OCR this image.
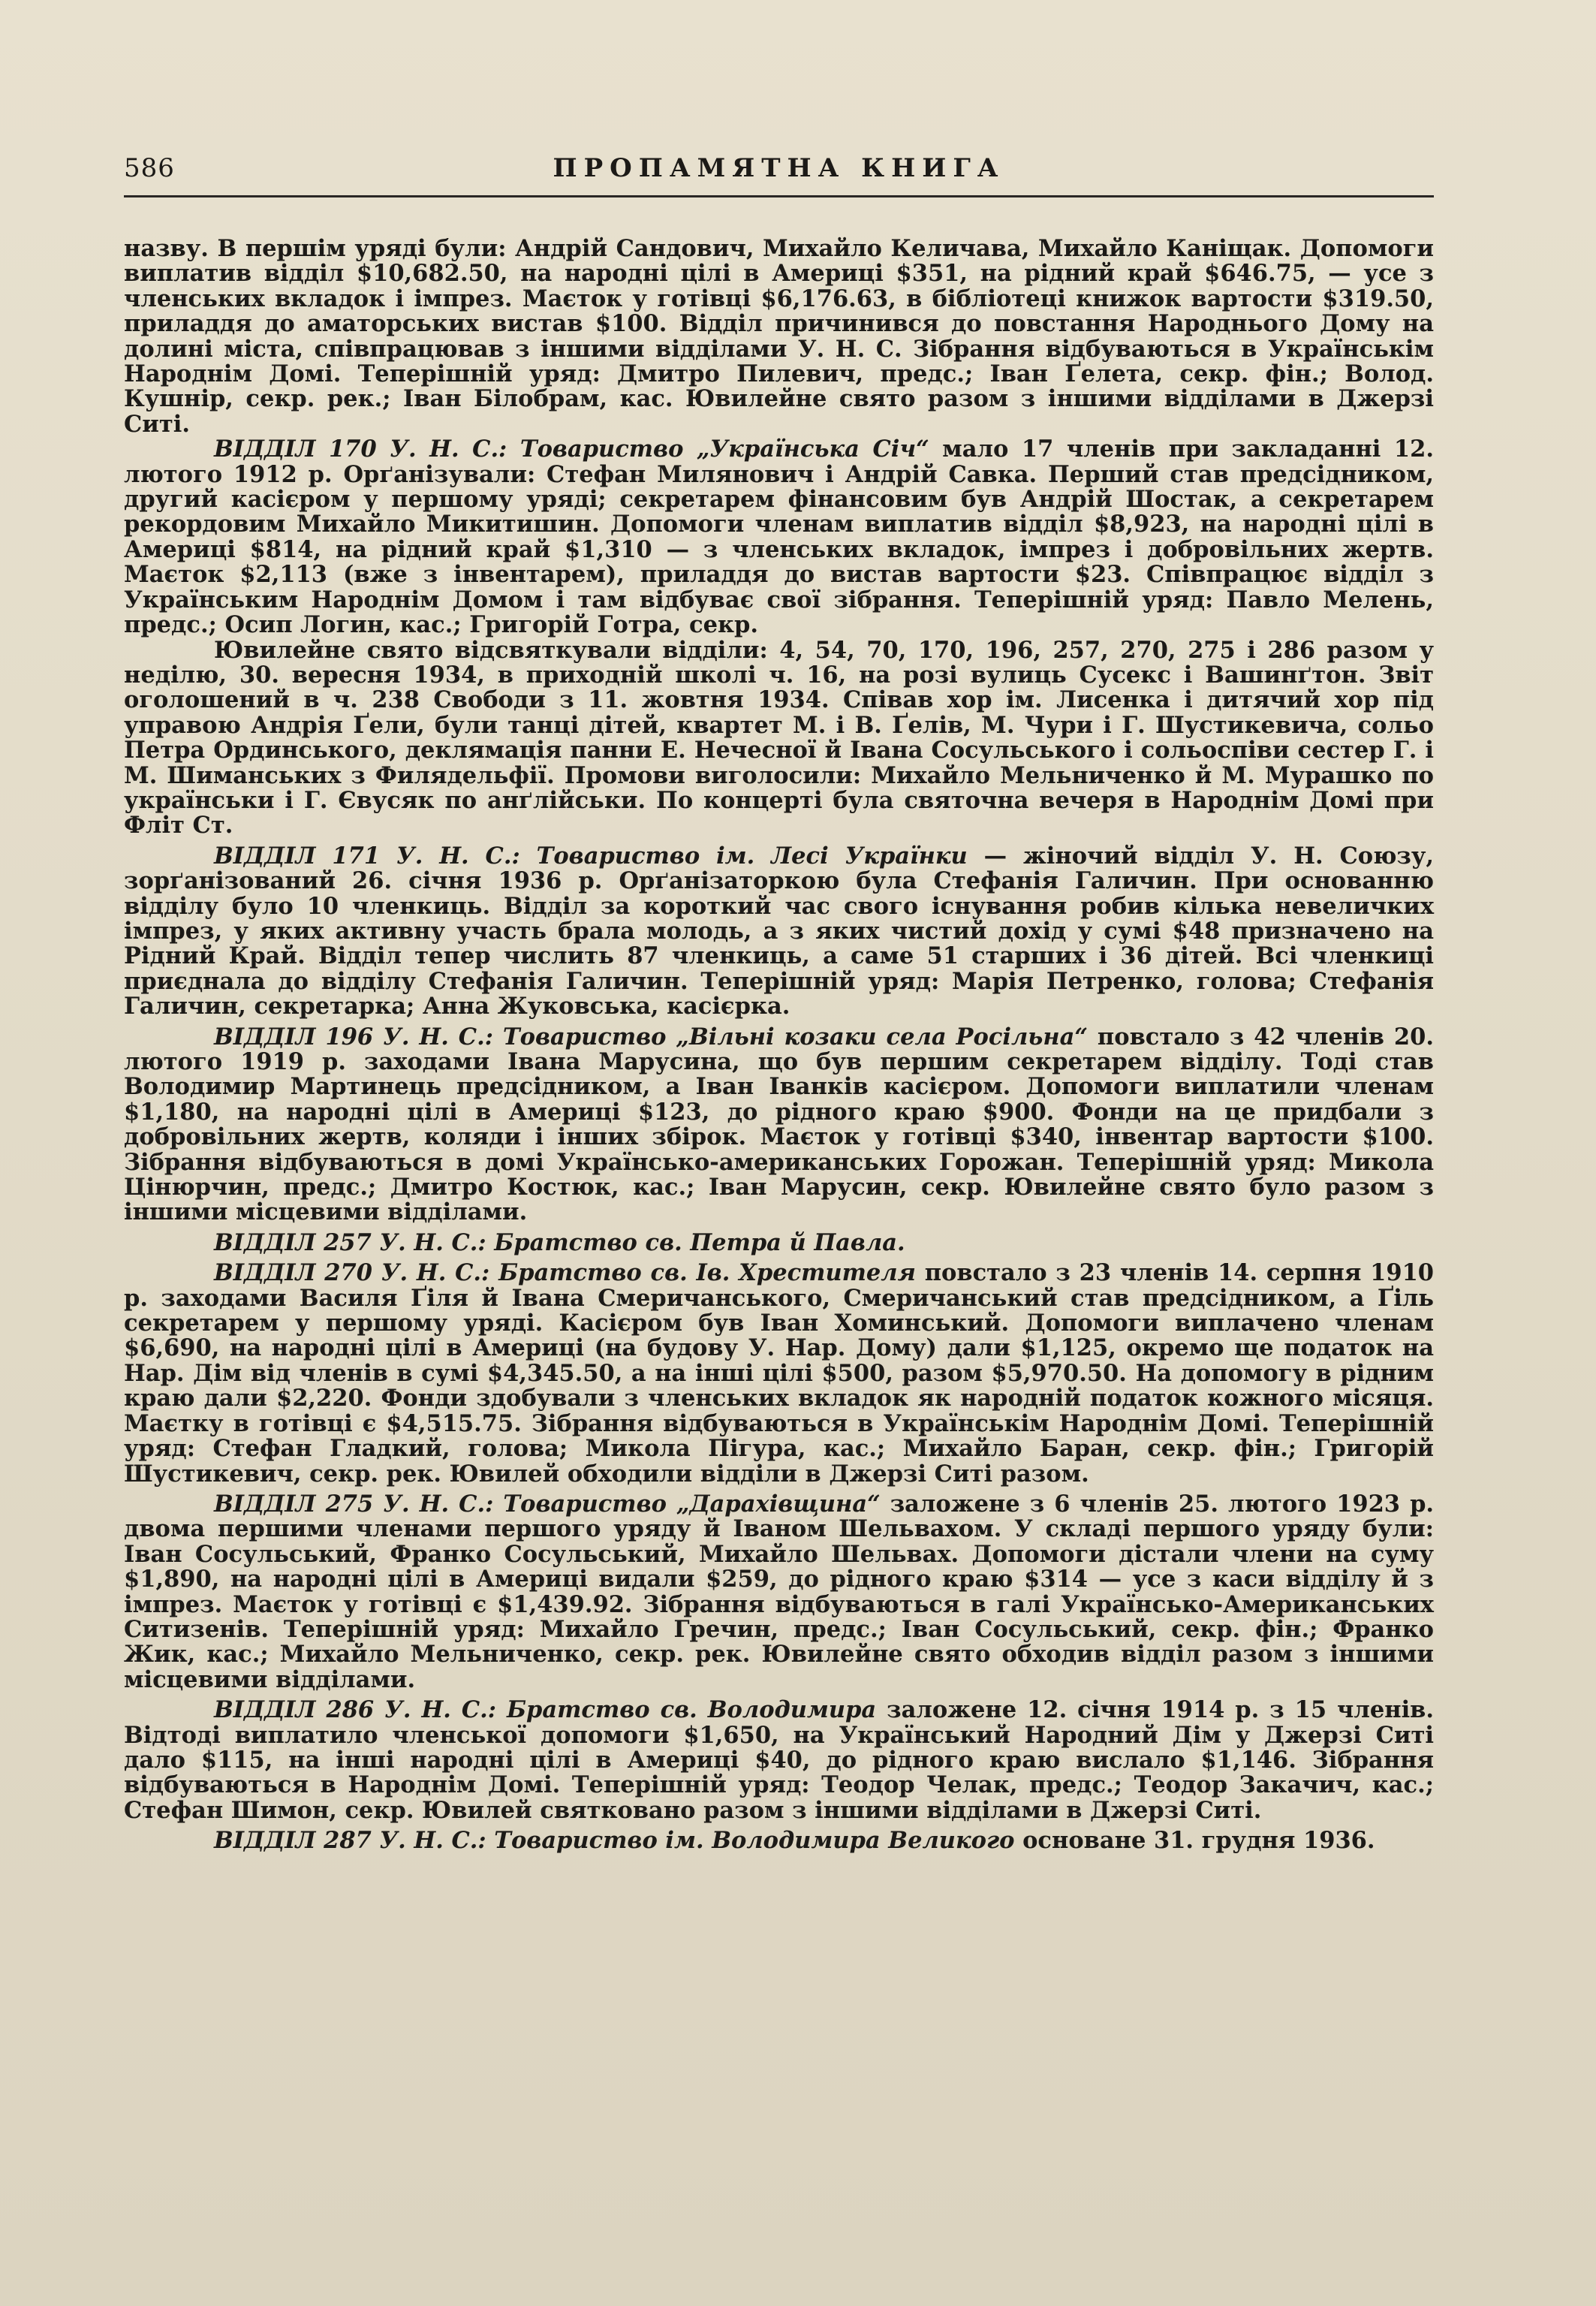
586	ПРОПАМЯТНА КНИГА

назву. В першім уряді були: Андрій Сандович, Михайло Келичава, Михайло Каніщак. Допомоги виплатив відділ $10,682.50, на народні цілі в Америці $351, на рідний край $646.75, — усе з членських вкладок і імпрез. Маєток у готівці $6,176.63, в бібліотеці книжок вартости $319.50, приладдя до аматорських вистав $100. Відділ причинився до повстання Народнього Дому на долині міста, співпрацював з іншими відділами У. Н. С. Зібрання відбуваються в Українськім Народнім Домі. Теперішній уряд: Дмитро Пилевич, предс.; Іван Ґелета, секр. фін.; Волод. Кушнір, секр. рек.; Іван Білобрам, кас. Ювилейне свято разом з іншими відділами в Джерзі Ситі.

ВІДДІЛ 170 У. Н. С.: Товариство „Українська Січ“ мало 17 членів при закладанні 12. лютого 1912 р. Орґанізували: Стефан Милянович і Андрій Савка. Перший став предсідником, другий касієром у першому уряді; секретарем фінансовим був Андрій Шостак, а секретарем рекордовим Михайло Микитишин. Допомоги членам виплатив відділ $8,923, на народні цілі в Америці $814, на рідний край $1,310 — з членських вкладок, імпрез і добровільних жертв. Маєток $2,113 (вже з інвентарем), приладдя до вистав вартости $23. Співпрацює відділ з Українським Народнім Домом і там відбуває свої зібрання. Теперішній уряд: Павло Мелень, предс.; Осип Логин, кас.; Григорій Готра, секр.

Ювилейне свято відсвяткували відділи: 4, 54, 70, 170, 196, 257, 270, 275 і 286 разом у неділю, 30. вересня 1934, в приходній школі ч. 16, на розі вулиць Сусекс і Вашинґтон. Звіт оголошений в ч. 238 Свободи з 11. жовтня 1934. Співав хор ім. Лисенка і дитячий хор під управою Андрія Ґели, були танці дітей, квартет М. і В. Ґелів, М. Чури і Г. Шустикевича, сольо Петра Ординського, деклямація панни Е. Нечесної й Івана Сосульського і сольоспіви сестер Г. і М. Шиманських з Филядельфії. Промови виголосили: Михайло Мельниченко й М. Мурашко по українськи і Г. Євусяк по анґлійськи. По концерті була святочна вечеря в Народнім Домі при Фліт Ст.

ВІДДІЛ 171 У. Н. С.: Товариство ім. Лесі Українки — жіночий відділ У. Н. Союзу, зорґанізований 26. січня 1936 р. Орґанізаторкою була Стефанія Галичин. При основанню відділу було 10 членкиць. Відділ за короткий час свого існування робив кілька невеличких імпрез, у яких активну участь брала молодь, а з яких чистий дохід у сумі $48 призначено на Рідний Край. Відділ тепер числить 87 членкиць, а саме 51 старших і 36 дітей. Всі членкиці приєднала до відділу Стефанія Галичин. Теперішній уряд: Марія Петренко, голова; Стефанія Галичин, секретарка; Анна Жуковська, касієрка.

ВІДДІЛ 196 У. Н. С.: Товариство „Вільні козаки села Росільна“ повстало з 42 членів 20. лютого 1919 р. заходами Івана Марусина, що був першим секретарем відділу. Тоді став Володимир Мартинець предсідником, а Іван Іванків касієром. Допомоги виплатили членам $1,180, на народні цілі в Америці $123, до рідного краю $900. Фонди на це придбали з добровільних жертв, коляди і інших збірок. Маєток у готівці $340, інвентар вартости $100. Зібрання відбуваються в домі Українсько-американських Горожан. Теперішній уряд: Микола Цінюрчин, предс.; Дмитро Костюк, кас.; Іван Марусин, секр. Ювилейне свято було разом з іншими місцевими відділами.

ВІДДІЛ 257 У. Н. С.: Братство св. Петра й Павла.

ВІДДІЛ 270 У. Н. С.: Братство св. Ів. Хрестителя повстало з 23 членів 14. серпня 1910 р. заходами Василя Ґіля й Івана Смеричанського, Смеричанський став предсідником, а Ґіль секретарем у першому уряді. Касієром був Іван Хоминський. Допомоги виплачено членам $6,690, на народні цілі в Америці (на будову У. Нар. Дому) дали $1,125, окремо ще податок на Нар. Дім від членів в сумі $4,345.50, а на інші цілі $500, разом $5,970.50. На допомогу в рідним краю дали $2,220. Фонди здобували з членських вкладок як народній податок кожного місяця. Маєтку в готівці є $4,515.75. Зібрання відбуваються в Українськім Народнім Домі. Теперішній уряд: Стефан Гладкий, голова; Микола Пігура, кас.; Михайло Баран, секр. фін.; Григорій Шустикевич, секр. рек. Ювилей обходили відділи в Джерзі Ситі разом.

ВІДДІЛ 275 У. Н. С.: Товариство „Дарахівщина“ заложене з 6 членів 25. лютого 1923 р. двома першими членами першого уряду й Іваном Шельвахом. У складі першого уряду були: Іван Сосульський, Франко Сосульський, Михайло Шельвах. Допомоги дістали члени на суму $1,890, на народні цілі в Америці видали $259, до рідного краю $314 — усе з каси відділу й з імпрез. Маєток у готівці є $1,439.92. Зібрання відбуваються в галі Українсько-Американських Ситизенів. Теперішній уряд: Михайло Гречин, предс.; Іван Сосульський, секр. фін.; Франко Жик, кас.; Михайло Мельниченко, секр. рек. Ювилейне свято обходив відділ разом з іншими місцевими відділами.

ВІДДІЛ 286 У. Н. С.: Братство св. Володимира заложене 12. січня 1914 р. з 15 членів. Відтоді виплатило членської допомоги $1,650, на Український Народний Дім у Джерзі Ситі дало $115, на інші народні цілі в Америці $40, до рідного краю вислало $1,146. Зібрання відбуваються в Народнім Домі. Теперішній уряд: Теодор Челак, предс.; Теодор Закачич, кас.; Стефан Шимон, секр. Ювилей святковано разом з іншими відділами в Джерзі Ситі.

ВІДДІЛ 287 У. Н. С.: Товариство ім. Володимира Великого основане 31. грудня 1936.
